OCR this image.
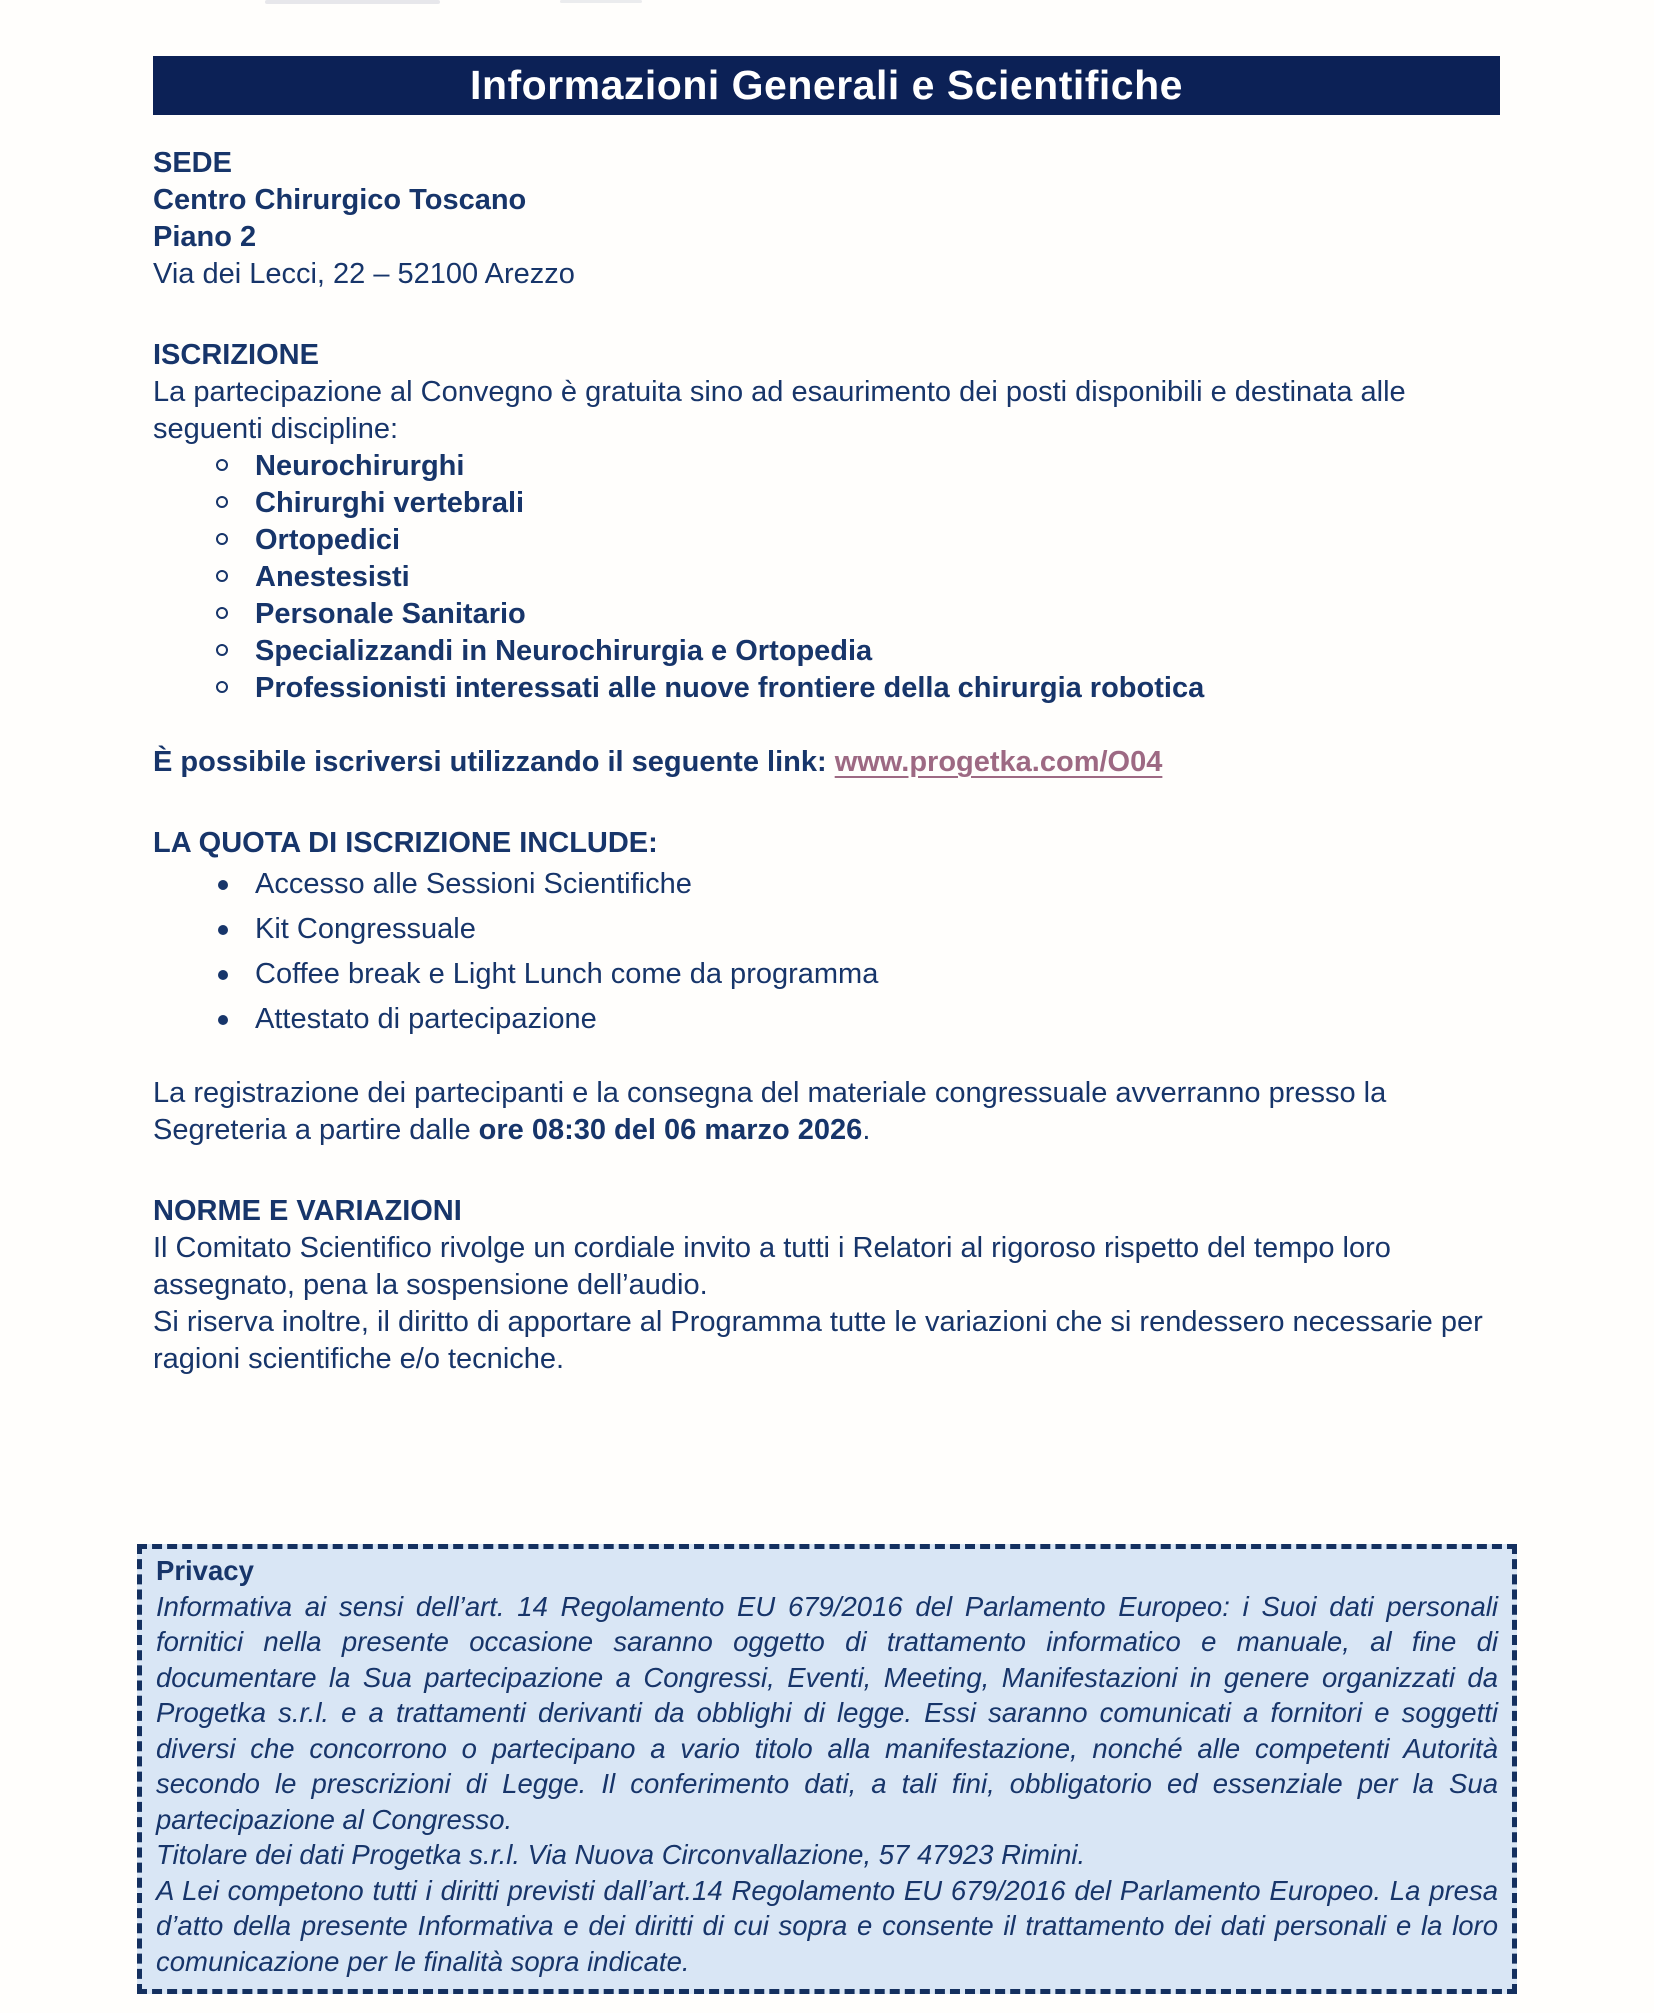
Informazioni Generali e Scientifiche

SEDE

Centro Chirurgico Toscano

Piano 2

Via dei Lecci, 22 – 52100 Arezzo

ISCRIZIONE

La partecipazione al Convegno è gratuita sino ad esaurimento dei posti disponibili e destinata alle seguenti discipline:

Neurochirurghi
Chirurghi vertebrali
Ortopedici
Anestesisti
Personale Sanitario
Specializzandi in Neurochirurgia e Ortopedia
Professionisti interessati alle nuove frontiere della chirurgia robotica

È possibile iscriversi utilizzando il seguente link: www.progetka.com/O04

LA QUOTA DI ISCRIZIONE INCLUDE:

Accesso alle Sessioni Scientifiche
Kit Congressuale
Coffee break e Light Lunch come da programma
Attestato di partecipazione

La registrazione dei partecipanti e la consegna del materiale congressuale avverranno presso la Segreteria a partire dalle ore 08:30 del 06 marzo 2026.

NORME E VARIAZIONI

Il Comitato Scientifico rivolge un cordiale invito a tutti i Relatori al rigoroso rispetto del tempo loro assegnato, pena la sospensione dell’audio.

Si riserva inoltre, il diritto di apportare al Programma tutte le variazioni che si rendessero necessarie per ragioni scientifiche e/o tecniche.

Privacy

Informativa ai sensi dell’art. 14 Regolamento EU 679/2016 del Parlamento Europeo: i Suoi dati personali fornitici nella presente occasione saranno oggetto di trattamento informatico e manuale, al fine di documentare la Sua partecipazione a Congressi, Eventi, Meeting, Manifestazioni in genere organizzati da Progetka s.r.l. e a trattamenti derivanti da obblighi di legge. Essi saranno comunicati a fornitori e soggetti diversi che concorrono o partecipano a vario titolo alla manifestazione, nonché alle competenti Autorità secondo le prescrizioni di Legge. Il conferimento dati, a tali fini, obbligatorio ed essenziale per la Sua partecipazione al Congresso.

Titolare dei dati Progetka s.r.l. Via Nuova Circonvallazione, 57 47923 Rimini.

A Lei competono tutti i diritti previsti dall’art.14 Regolamento EU 679/2016 del Parlamento Europeo. La presa d’atto della presente Informativa e dei diritti di cui sopra e consente il trattamento dei dati personali e la loro comunicazione per le finalità sopra indicate.
